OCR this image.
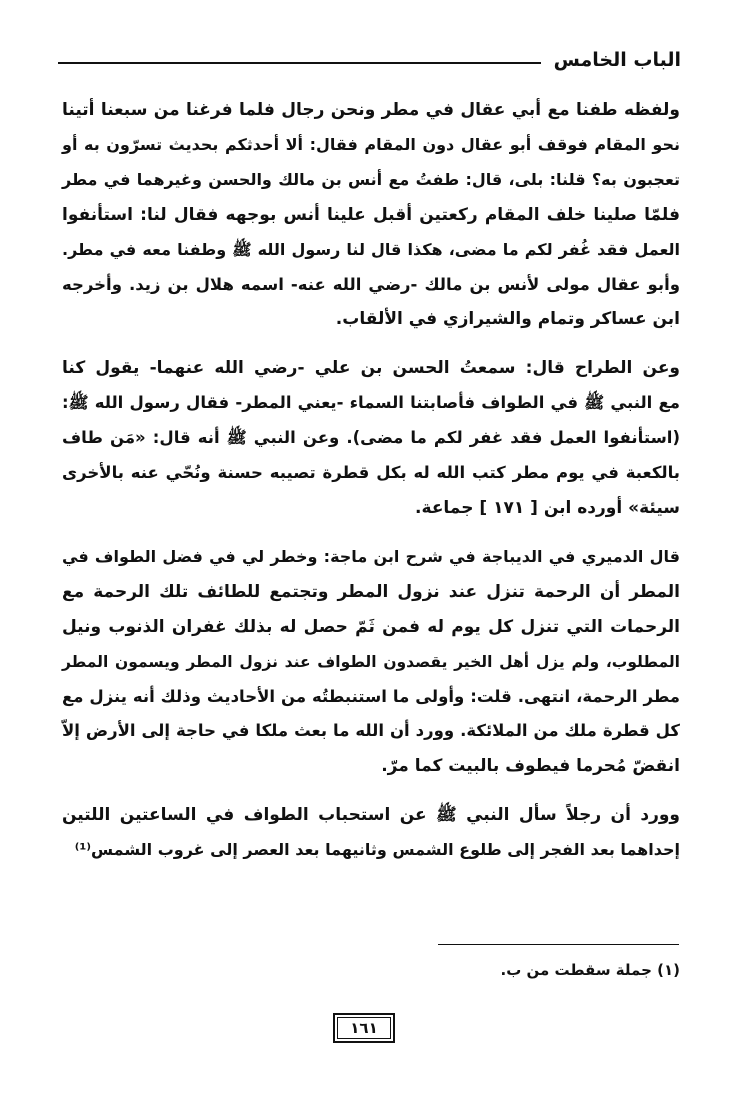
الباب الخامس

ولفظه طفنا مع أبي عقال في مطر ونحن رجال فلما فرغنا من سبعنا أتينا
نحو المقام فوقف أبو عقال دون المقام فقال: ألا أحدثكم بحديث تسرّون به أو
تعجبون به؟ قلنا: بلى، قال: طفتُ مع أنس بن مالك والحسن وغيرهما في مطر
فلمّا صلينا خلف المقام ركعتين أقبل علينا أنس بوجهه فقال لنا: استأنفوا
العمل فقد غُفر لكم ما مضى، هكذا قال لنا رسول الله ﷺ وطفنا معه في مطر.
وأبو عقال مولى لأنس بن مالك -رضي الله عنه- اسمه هلال بن زيد. وأخرجه
ابن عساكر وتمام والشيرازي في الألقاب.

وعن الطراح قال: سمعتُ الحسن بن علي -رضي الله عنهما- يقول كنا
مع النبي ﷺ في الطواف فأصابتنا السماء -يعني المطر- فقال رسول الله ﷺ:
(استأنفوا العمل فقد غفر لكم ما مضى). وعن النبي ﷺ أنه قال: «مَن طاف
بالكعبة في يوم مطر كتب الله له بكل قطرة تصيبه حسنة ونُحّي عنه بالأخرى
سيئة» أورده ابن [ ١٧١ ] جماعة.

قال الدميري في الديباجة في شرح ابن ماجة: وخطر لي في فضل الطواف في
المطر أن الرحمة تنزل عند نزول المطر وتجتمع للطائف تلك الرحمة مع
الرحمات التي تنزل كل يوم له فمن ثَمّ حصل له بذلك غفران الذنوب ونيل
المطلوب، ولم يزل أهل الخير يقصدون الطواف عند نزول المطر ويسمون المطر
مطر الرحمة، انتهى. قلت: وأولى ما استنبطتُه من الأحاديث وذلك أنه ينزل مع
كل قطرة ملك من الملائكة. وورد أن الله ما بعث ملكا في حاجة إلى الأرض إلاّ
انقضّ مُحرما فيطوف بالبيت كما مرّ.

وورد أن رجلاً سأل النبي ﷺ عن استحباب الطواف في الساعتين اللتين
إحداهما بعد الفجر إلى طلوع الشمس وثانيهما بعد العصر إلى غروب الشمس⁽¹⁾

(١) جملة سقطت من ب.
١٦١
